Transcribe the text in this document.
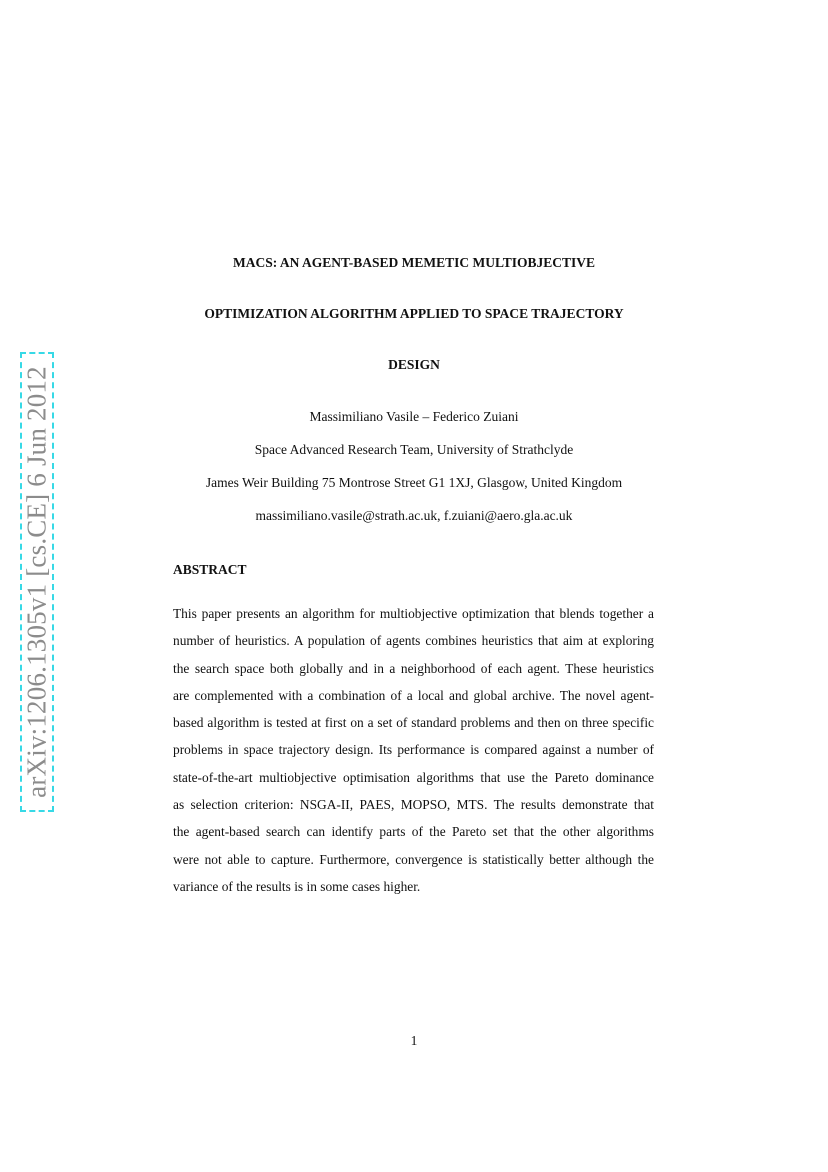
arXiv:1206.1305v1 [cs.CE] 6 Jun 2012
MACS: AN AGENT-BASED MEMETIC MULTIOBJECTIVE
OPTIMIZATION ALGORITHM APPLIED TO SPACE TRAJECTORY
DESIGN
Massimiliano Vasile – Federico Zuiani
Space Advanced Research Team, University of Strathclyde
James Weir Building 75 Montrose Street G1 1XJ, Glasgow, United Kingdom
massimiliano.vasile@strath.ac.uk, f.zuiani@aero.gla.ac.uk
ABSTRACT
This paper presents an algorithm for multiobjective optimization that blends together a
number of heuristics. A population of agents combines heuristics that aim at exploring
the search space both globally and in a neighborhood of each agent. These heuristics
are complemented with a combination of a local and global archive. The novel agent-
based algorithm is tested at first on a set of standard problems and then on three specific
problems in space trajectory design. Its performance is compared against a number of
state-of-the-art multiobjective optimisation algorithms that use the Pareto dominance
as selection criterion: NSGA-II, PAES, MOPSO, MTS. The results demonstrate that
the agent-based search can identify parts of the Pareto set that the other algorithms
were not able to capture. Furthermore, convergence is statistically better although the
variance of the results is in some cases higher.
1
